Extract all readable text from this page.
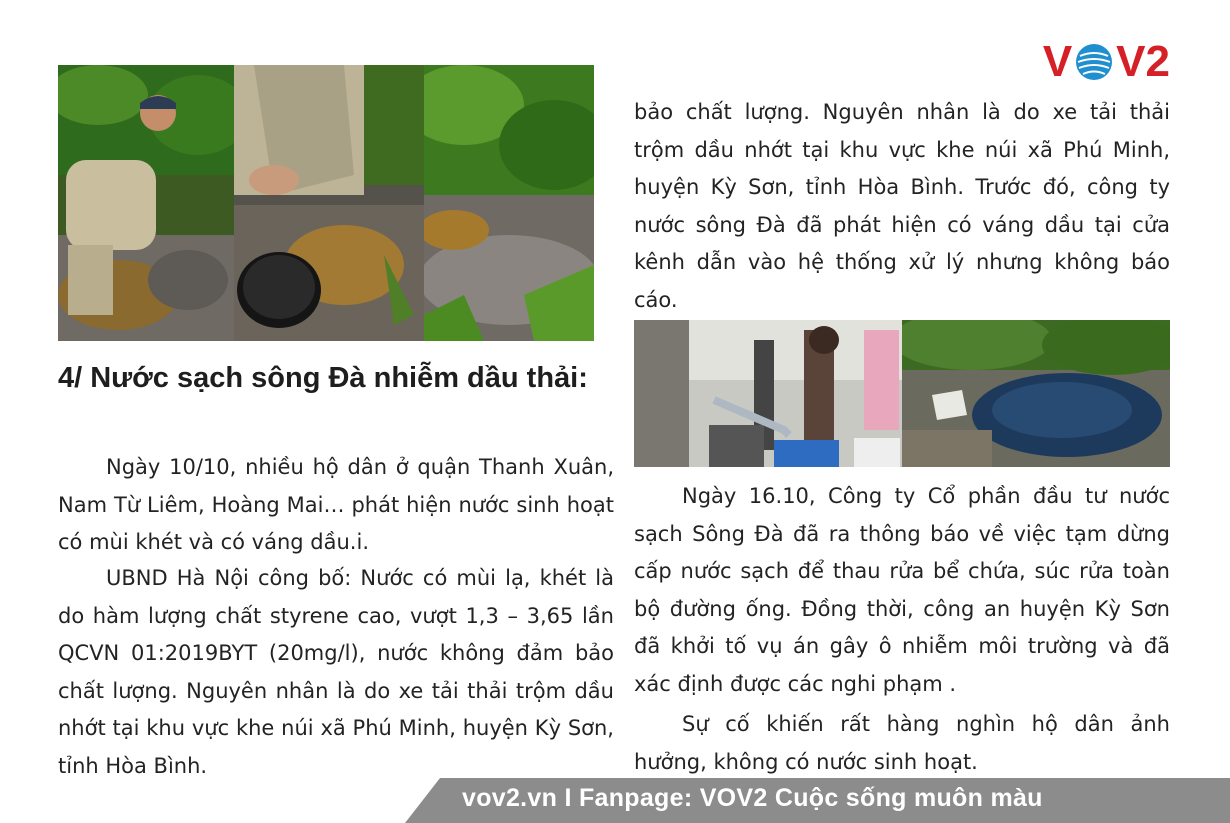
V V2
4/ Nước sạch sông Đà nhiễm dầu thải:

Ngày 10/10, nhiều hộ dân ở quận Thanh Xuân, Nam Từ Liêm, Hoàng Mai… phát hiện nước sinh hoạt có mùi khét và có váng dầu.i.

UBND Hà Nội công bố: Nước có mùi lạ, khét là do hàm lượng chất styrene cao, vượt 1,3 – 3,65 lần QCVN 01:2019BYT (20mg/l), nước không đảm bảo chất lượng. Nguyên nhân là do xe tải thải trộm dầu nhớt tại khu vực khe núi xã Phú Minh, huyện Kỳ Sơn, tỉnh Hòa Bình.

bảo chất lượng. Nguyên nhân là do xe tải thải trộm dầu nhớt tại khu vực khe núi xã Phú Minh, huyện Kỳ Sơn, tỉnh Hòa Bình. Trước đó, công ty nước sông Đà đã phát hiện có váng dầu tại cửa kênh dẫn vào hệ thống xử lý nhưng không báo cáo.

Ngày 16.10, Công ty Cổ phần đầu tư nước sạch Sông Đà đã ra thông báo về việc tạm dừng cấp nước sạch để thau rửa bể chứa, súc rửa toàn bộ đường ống. Đồng thời, công an huyện Kỳ Sơn đã khởi tố vụ án gây ô nhiễm môi trường và đã xác định được các nghi phạm .

Sự cố khiến rất hàng nghìn hộ dân ảnh hưởng, không có nước sinh hoạt.

vov2.vn I Fanpage: VOV2 Cuộc sống muôn màu
